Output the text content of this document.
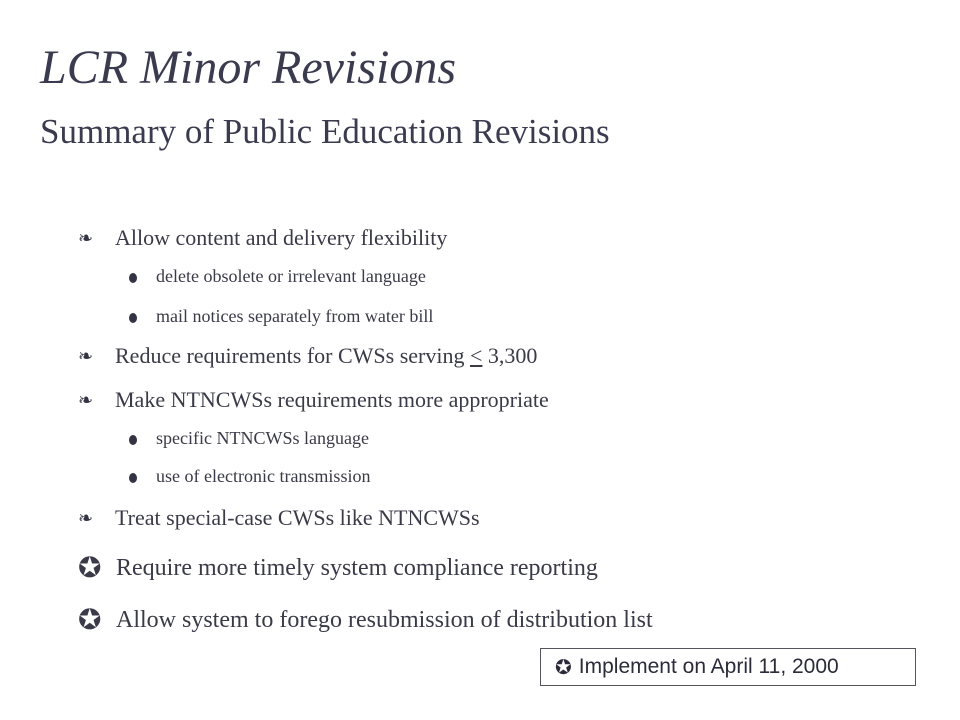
LCR Minor Revisions
Summary of Public Education Revisions
❧ Allow content and delivery flexibility
delete obsolete or irrelevant language
mail notices separately from water bill
❧ Reduce requirements for CWSs serving ≤ 3,300
❧ Make NTNCWSs requirements more appropriate
specific NTNCWSs language
use of electronic transmission
❧ Treat special-case CWSs like NTNCWSs
✪ Require more timely system compliance reporting
✪ Allow system to forego resubmission of distribution list
✪ Implement on April 11, 2000
